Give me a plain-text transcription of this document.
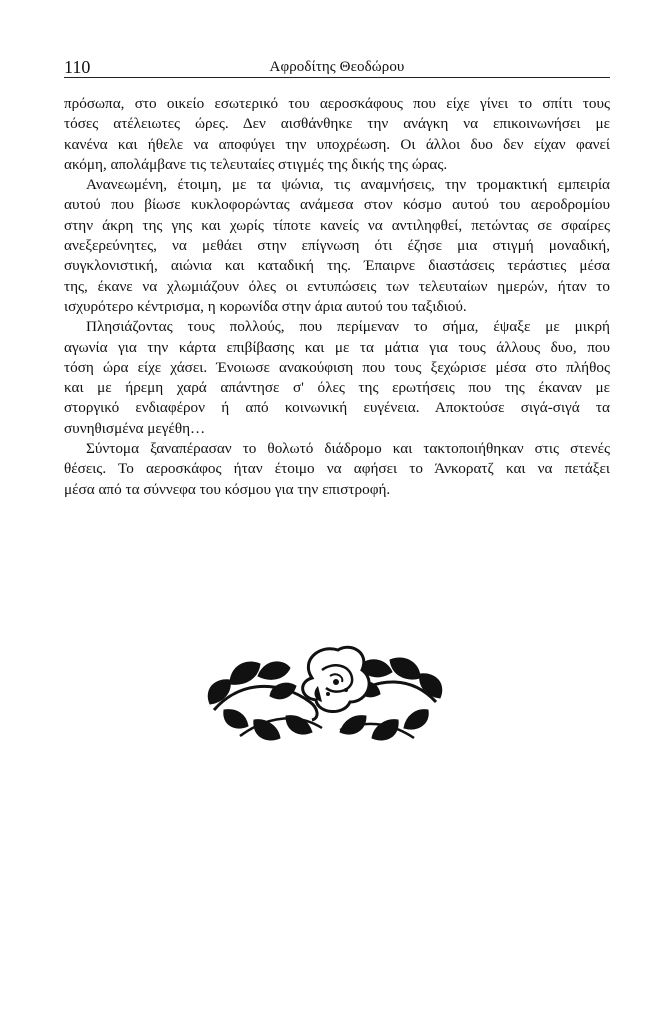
110	Αφροδίτης Θεοδώρου

πρόσωπα, στο οικείο εσωτερικό του αεροσκάφους που είχε γίνει το σπίτι τους
τόσες ατέλειωτες ώρες. Δεν αισθάνθηκε την ανάγκη να επικοινωνήσει με
κανένα και ήθελε να αποφύγει την υποχρέωση. Οι άλλοι δυο δεν είχαν φανεί
ακόμη, απολάμβανε τις τελευταίες στιγμές της δικής της ώρας.

Ανανεωμένη, έτοιμη, με τα ψώνια, τις αναμνήσεις, την τρομακτική εμπειρία
αυτού που βίωσε κυκλοφορώντας ανάμεσα στον κόσμο αυτού του αεροδρομίου
στην άκρη της γης και χωρίς τίποτε κανείς να αντιληφθεί, πετώντας σε σφαίρες
ανεξερεύνητες, να μεθάει στην επίγνωση ότι έζησε μια στιγμή μοναδική,
συγκλονιστική, αιώνια και καταδική της. Έπαιρνε διαστάσεις τεράστιες μέσα
της, έκανε να χλωμιάζουν όλες οι εντυπώσεις των τελευταίων ημερών, ήταν το
ισχυρότερο κέντρισμα, η κορωνίδα στην άρια αυτού του ταξιδιού.

Πλησιάζοντας τους πολλούς, που περίμεναν το σήμα, έψαξε με μικρή
αγωνία για την κάρτα επιβίβασης και με τα μάτια για τους άλλους δυο, που
τόση ώρα είχε χάσει. Ένοιωσε ανακούφιση που τους ξεχώρισε μέσα στο πλήθος
και με ήρεμη χαρά απάντησε σ' όλες της ερωτήσεις που της έκαναν με
στοργικό ενδιαφέρον ή από κοινωνική ευγένεια. Αποκτούσε σιγά-σιγά τα
συνηθισμένα μεγέθη…

Σύντομα ξαναπέρασαν το θολωτό διάδρομο και τακτοποιήθηκαν στις στενές
θέσεις. Το αεροσκάφος ήταν έτοιμο να αφήσει το Άνκορατζ και να πετάξει
μέσα από τα σύννεφα του κόσμου για την επιστροφή.
